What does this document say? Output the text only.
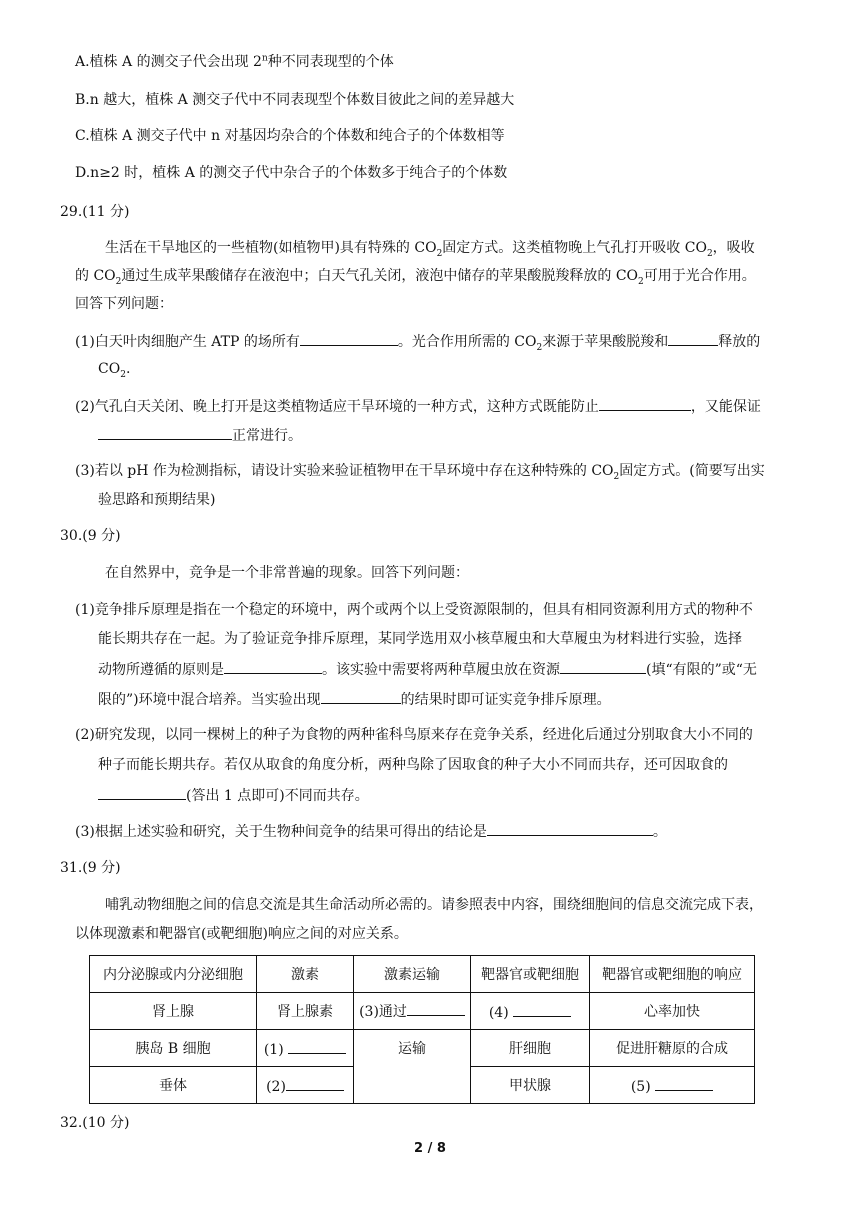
A.植株 A 的测交子代会出现 2$^n$种不同表现型的个体
B.n 越大，植株 A 测交子代中不同表现型个体数目彼此之间的差异越大
C.植株 A 测交子代中 n 对基因均杂合的个体数和纯合子的个体数相等
D.n≥2 时，植株 A 的测交子代中杂合子的个体数多于纯合子的个体数
29.(11 分)
生活在干旱地区的一些植物(如植物甲)具有特殊的 $CO_2$固定方式。这类植物晚上气孔打开吸收 $CO_2$，吸收
的 $CO_2$通过生成苹果酸储存在液泡中；白天气孔关闭，液泡中储存的苹果酸脱羧释放的 $CO_2$可用于光合作用。
回答下列问题：
(1)白天叶肉细胞产生 ATP 的场所有	。光合作用所需的 $CO_2$来源于苹果酸脱羧和	释放的
$CO_2$.
(2)气孔白天关闭、晚上打开是这类植物适应干旱环境的一种方式，这种方式既能防止	，又能保证
正常进行。
(3)若以 pH 作为检测指标，请设计实验来验证植物甲在干旱环境中存在这种特殊的 $CO_2$固定方式。(简要写出实
验思路和预期结果)
30.(9 分)
在自然界中，竞争是一个非常普遍的现象。回答下列问题：
(1)竞争排斥原理是指在一个稳定的环境中，两个或两个以上受资源限制的，但具有相同资源利用方式的物种不
能长期共存在一起。为了验证竞争排斥原理，某同学选用双小核草履虫和大草履虫为材料进行实验，选择
动物所遵循的原则是	。该实验中需要将两种草履虫放在资源	(填“有限的”或“无
限的”)环境中混合培养。当实验出现	的结果时即可证实竞争排斥原理。
(2)研究发现，以同一棵树上的种子为食物的两种雀科鸟原来存在竞争关系，经进化后通过分别取食大小不同的
种子而能长期共存。若仅从取食的角度分析，两种鸟除了因取食的种子大小不同而共存，还可因取食的
(答出 1 点即可)不同而共存。
(3)根据上述实验和研究，关于生物种间竞争的结果可得出的结论是	。
31.(9 分)
哺乳动物细胞之间的信息交流是其生命活动所必需的。请参照表中内容，围绕细胞间的信息交流完成下表，
以体现激素和靶器官(或靶细胞)响应之间的对应关系。
内分泌腺或内分泌细胞	激素	激素运输	靶器官或靶细胞	靶器官或靶细胞的响应
肾上腺	肾上腺素	(3)通过	(4)	心率加快
胰岛 B 细胞	(1)	运输	肝细胞	促进肝糖原的合成
垂体	(2)		甲状腺	(5)
32.(10 分)
2 / 8
